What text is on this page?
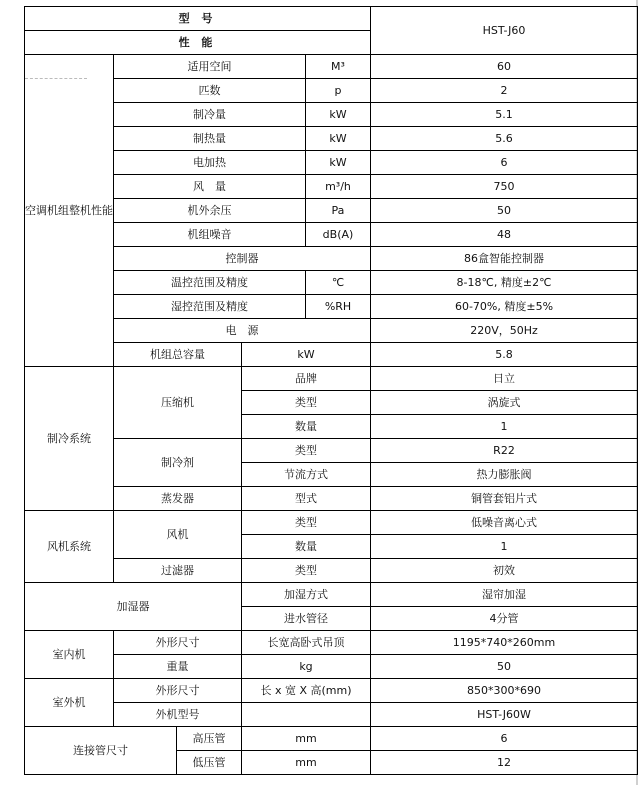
型 号					HST-J60
性 能					
空调机组整机性能	适用空间			M³	60
	匹数			p	2
	制冷量			kW	5.1
	制热量			kW	5.6
	电加热			kW	6
	风　量			m³/h	750
	机外余压			Pa	50
	机组噪音			dB(A)	48
	控制器				86盒智能控制器
	温控范围及精度			℃	8-18℃, 精度±2℃
	湿控范围及精度			%RH	60-70%, 精度±5%
	电　源				220V，50Hz
	机组总容量		kW		5.8
制冷系统	压缩机		品牌		日立
			类型		涡旋式
			数量		1
	制冷剂		类型		R22
			节流方式		热力膨胀阀
	蒸发器		型式		铜管套铝片式
风机系统	风机		类型		低噪音离心式
			数量		1
	过滤器		类型		初效
加湿器			加湿方式		湿帘加湿
			进水管径		4分管
室内机	外形尺寸		长宽高卧式吊顶		1195*740*260mm
	重量		kg		50
室外机	外形尺寸		长 x 宽 X 高(mm)		850*300*690
	外机型号				HST-J60W
连接管尺寸		高压管	mm		6
		低压管	mm		12
